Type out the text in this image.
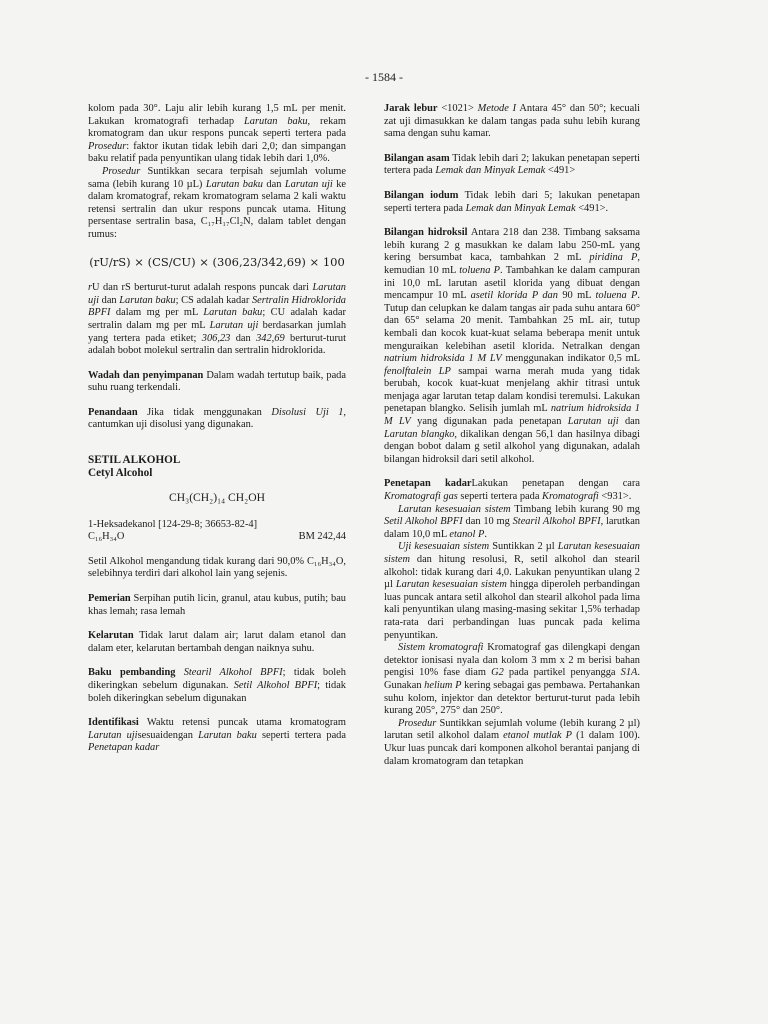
- 1584 -

kolom pada 30°. Laju alir lebih kurang 1,5 mL per menit. Lakukan kromatografi terhadap Larutan baku, rekam kromatogram dan ukur respons puncak seperti tertera pada Prosedur: faktor ikutan tidak lebih dari 2,0; dan simpangan baku relatif pada penyuntikan ulang tidak lebih dari 1,0%.

Prosedur Suntikkan secara terpisah sejumlah volume sama (lebih kurang 10 µL) Larutan baku dan Larutan uji ke dalam kromatograf, rekam kromatogram selama 2 kali waktu retensi sertralin dan ukur respons puncak utama. Hitung persentase sertralin basa, C₁₇H₁₇Cl₂N, dalam tablet dengan rumus:

(rU/rS) × (CS/CU) × (306,23/342,69) × 100

rU dan rS berturut-turut adalah respons puncak dari Larutan uji dan Larutan baku; CS adalah kadar Sertralin Hidroklorida BPFI dalam mg per mL Larutan baku; CU adalah kadar sertralin dalam mg per mL Larutan uji berdasarkan jumlah yang tertera pada etiket; 306,23 dan 342,69 berturut-turut adalah bobot molekul sertralin dan sertralin hidroklorida.

Wadah dan penyimpanan Dalam wadah tertutup baik, pada suhu ruang terkendali.

Penandaan Jika tidak menggunakan Disolusi Uji 1, cantumkan uji disolusi yang digunakan.

SETIL ALKOHOL
Cetyl Alcohol
CH₃(CH₂)₁₄ CH₂OH
1-Heksadekanol [124-29-8; 36653-82-4]
C₁₆H₃₄O	BM 242,44

Setil Alkohol mengandung tidak kurang dari 90,0% C₁₆H₃₄O, selebihnya terdiri dari alkohol lain yang sejenis.

Pemerian Serpihan putih licin, granul, atau kubus, putih; bau khas lemah; rasa lemah

Kelarutan Tidak larut dalam air; larut dalam etanol dan dalam eter, kelarutan bertambah dengan naiknya suhu.

Baku pembanding Stearil Alkohol BPFI; tidak boleh dikeringkan sebelum digunakan. Setil Alkohol BPFI; tidak boleh dikeringkan sebelum digunakan

Identifikasi Waktu retensi puncak utama kromatogram Larutan ujisesuaidengan Larutan baku seperti tertera pada Penetapan kadar

Jarak lebur <1021> Metode I Antara 45° dan 50°; kecuali zat uji dimasukkan ke dalam tangas pada suhu lebih kurang sama dengan suhu kamar.

Bilangan asam Tidak lebih dari 2; lakukan penetapan seperti tertera pada Lemak dan Minyak Lemak <491>

Bilangan iodum Tidak lebih dari 5; lakukan penetapan seperti tertera pada Lemak dan Minyak Lemak <491>.

Bilangan hidroksil Antara 218 dan 238. Timbang saksama lebih kurang 2 g masukkan ke dalam labu 250-mL yang kering bersumbat kaca, tambahkan 2 mL piridina P, kemudian 10 mL toluena P. Tambahkan ke dalam campuran ini 10,0 mL larutan asetil klorida yang dibuat dengan mencampur 10 mL asetil klorida P dan 90 mL toluena P. Tutup dan celupkan ke dalam tangas air pada suhu antara 60° dan 65° selama 20 menit. Tambahkan 25 mL air, tutup kembali dan kocok kuat-kuat selama beberapa menit untuk menguraikan kelebihan asetil klorida. Netralkan dengan natrium hidroksida 1 M LV menggunakan indikator 0,5 mL fenolftalein LP sampai warna merah muda yang tidak berubah, kocok kuat-kuat menjelang akhir titrasi untuk menjaga agar larutan tetap dalam kondisi teremulsi. Lakukan penetapan blangko. Selisih jumlah mL natrium hidroksida 1 M LV yang digunakan pada penetapan Larutan uji dan Larutan blangko, dikalikan dengan 56,1 dan hasilnya dibagi dengan bobot dalam g setil alkohol yang digunakan, adalah bilangan hidroksil dari setil alkohol.

Penetapan kadarLakukan penetapan dengan cara Kromatografi gas seperti tertera pada Kromatografi <931>.

Larutan kesesuaian sistem Timbang lebih kurang 90 mg Setil Alkohol BPFI dan 10 mg Stearil Alkohol BPFI, larutkan dalam 10,0 mL etanol P.

Uji kesesuaian sistem Suntikkan 2 µl Larutan kesesuaian sistem dan hitung resolusi, R, setil alkohol dan stearil alkohol: tidak kurang dari 4,0. Lakukan penyuntikan ulang 2 µl Larutan kesesuaian sistem hingga diperoleh perbandingan luas puncak antara setil alkohol dan stearil alkohol pada lima kali penyuntikan ulang masing-masing sekitar 1,5% terhadap rata-rata dari perbandingan luas puncak pada kelima penyuntikan.

Sistem kromatografi Kromatograf gas dilengkapi dengan detektor ionisasi nyala dan kolom 3 mm x 2 m berisi bahan pengisi 10% fase diam G2 pada partikel penyangga S1A. Gunakan helium P kering sebagai gas pembawa. Pertahankan suhu kolom, injektor dan detektor berturut-turut pada lebih kurang 205°, 275° dan 250°.

Prosedur Suntikkan sejumlah volume (lebih kurang 2 µl) larutan setil alkohol dalam etanol mutlak P (1 dalam 100). Ukur luas puncak dari komponen alkohol berantai panjang di dalam kromatogram dan tetapkan
